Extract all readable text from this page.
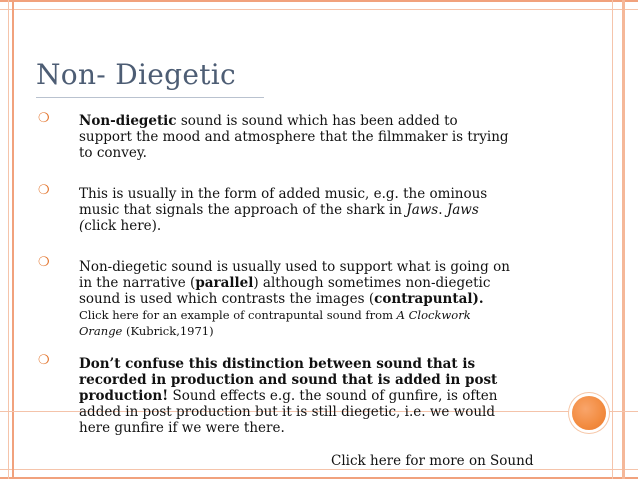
Non- Diegetic
❍ Non-diegetic sound is sound which has been added to
support the mood and atmosphere that the filmmaker is trying
to convey.
❍ This is usually in the form of added music, e.g. the ominous
music that signals the approach of the shark in Jaws. Jaws
(click here).
❍ Non-diegetic sound is usually used to support what is going on
in the narrative (parallel) although sometimes non-diegetic
sound is used which contrasts the images (contrapuntal).
Click here for an example of contrapuntal sound from A Clockwork
Orange (Kubrick,1971)
❍ Don’t confuse this distinction between sound that is
recorded in production and sound that is added in post
production! Sound effects e.g. the sound of gunfire, is often
added in post production but it is still diegetic, i.e. we would
here gunfire if we were there.
Click here for more on Sound
